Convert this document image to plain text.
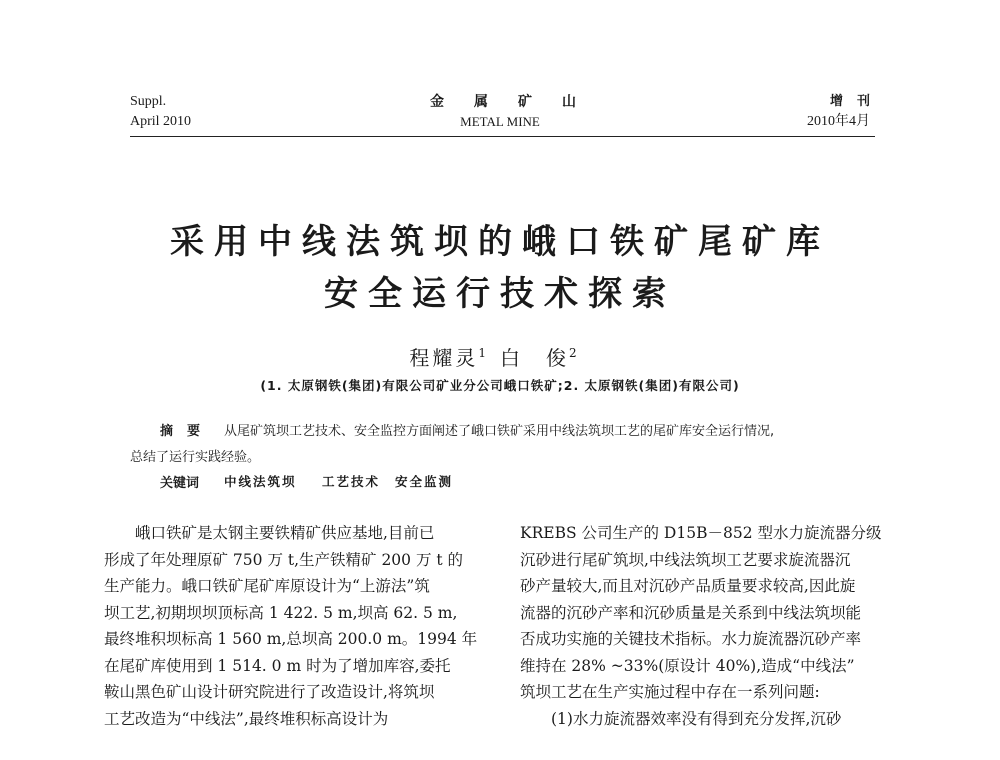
Suppl.
April 2010
金属矿山
METAL MINE
增刊
2010年4月
采用中线法筑坝的峨口铁矿尾矿库
安全运行技术探索
程耀灵$^1$ 白　俊$^2$
(1. 太原钢铁(集团)有限公司矿业分公司峨口铁矿;2. 太原钢铁(集团)有限公司)
摘要 从尾矿筑坝工艺技术、安全监控方面阐述了峨口铁矿采用中线法筑坝工艺的尾矿库安全运行情况,
总结了运行实践经验。
关键词 中线法筑坝 工艺技术 安全监测
　　峨口铁矿是太钢主要铁精矿供应基地,目前已
形成了年处理原矿 750 万 t,生产铁精矿 200 万 t 的
生产能力。峨口铁矿尾矿库原设计为“上游法”筑
坝工艺,初期坝坝顶标高 1 422. 5 m,坝高 62. 5 m,
最终堆积坝标高 1 560 m,总坝高 200.0 m。1994 年
在尾矿库使用到 1 514. 0 m 时为了增加库容,委托
鞍山黑色矿山设计研究院进行了改造设计,将筑坝
工艺改造为“中线法”,最终堆积标高设计为
KREBS 公司生产的 D15B－852 型水力旋流器分级
沉砂进行尾矿筑坝,中线法筑坝工艺要求旋流器沉
砂产量较大,而且对沉砂产品质量要求较高,因此旋
流器的沉砂产率和沉砂质量是关系到中线法筑坝能
否成功实施的关键技术指标。水力旋流器沉砂产率
维持在 28% ~33%(原设计 40%),造成“中线法”
筑坝工艺在生产实施过程中存在一系列问题:
　　(1)水力旋流器效率没有得到充分发挥,沉砂
